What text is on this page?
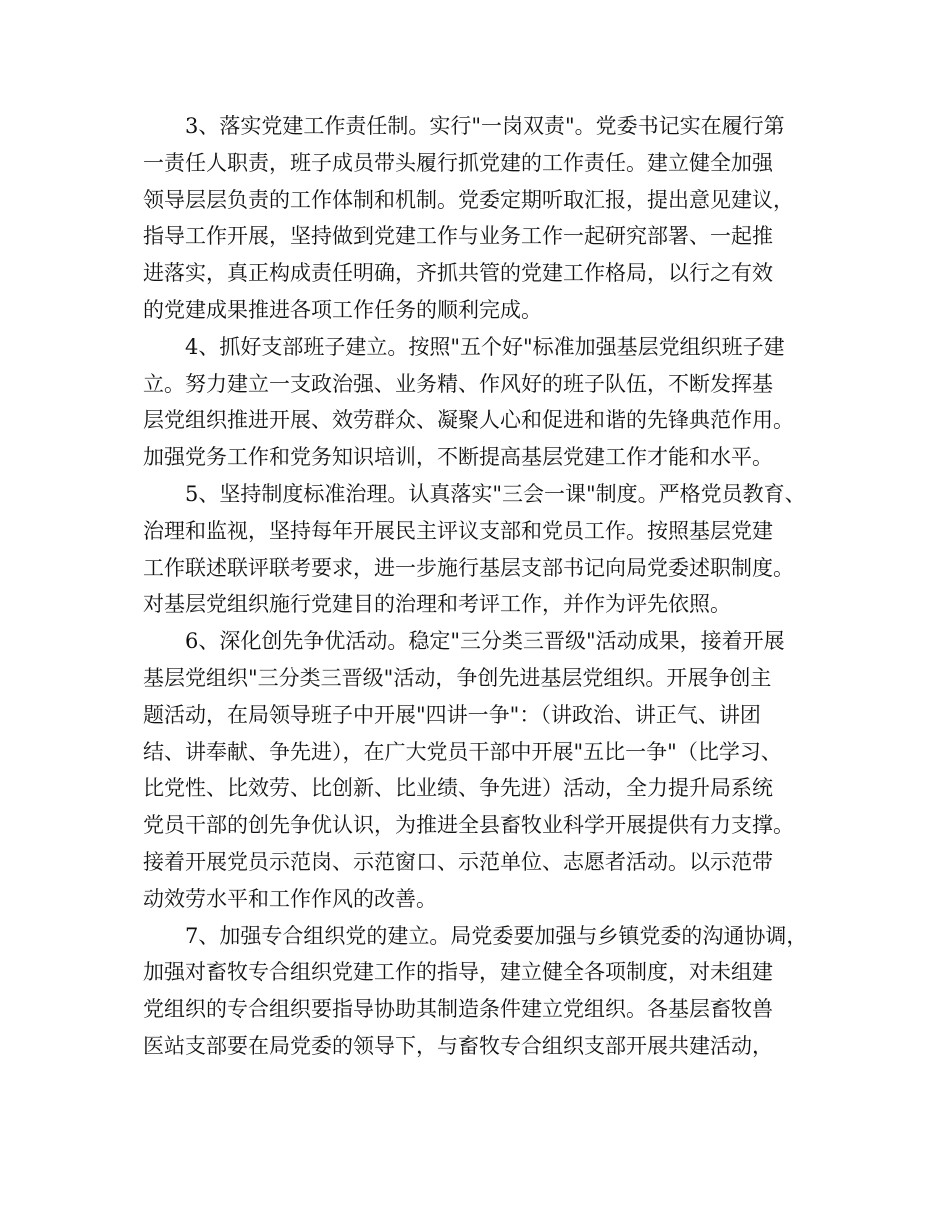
3、落实党建工作责任制。实行"一岗双责"。党委书记实在履行第
一责任人职责，班子成员带头履行抓党建的工作责任。建立健全加强
领导层层负责的工作体制和机制。党委定期听取汇报，提出意见建议，
指导工作开展，坚持做到党建工作与业务工作一起研究部署、一起推
进落实，真正构成责任明确，齐抓共管的党建工作格局，以行之有效
的党建成果推进各项工作任务的顺利完成。
4、抓好支部班子建立。按照"五个好"标准加强基层党组织班子建
立。努力建立一支政治强、业务精、作风好的班子队伍，不断发挥基
层党组织推进开展、效劳群众、凝聚人心和促进和谐的先锋典范作用。
加强党务工作和党务知识培训，不断提高基层党建工作才能和水平。
5、坚持制度标准治理。认真落实"三会一课"制度。严格党员教育、
治理和监视，坚持每年开展民主评议支部和党员工作。按照基层党建
工作联述联评联考要求，进一步施行基层支部书记向局党委述职制度。
对基层党组织施行党建目的治理和考评工作，并作为评先依照。
6、深化创先争优活动。稳定"三分类三晋级"活动成果，接着开展
基层党组织"三分类三晋级"活动，争创先进基层党组织。开展争创主
题活动，在局领导班子中开展"四讲一争"：（讲政治、讲正气、讲团
结、讲奉献、争先进），在广大党员干部中开展"五比一争"（比学习、
比党性、比效劳、比创新、比业绩、争先进）活动，全力提升局系统
党员干部的创先争优认识，为推进全县畜牧业科学开展提供有力支撑。
接着开展党员示范岗、示范窗口、示范单位、志愿者活动。以示范带
动效劳水平和工作作风的改善。
7、加强专合组织党的建立。局党委要加强与乡镇党委的沟通协调，
加强对畜牧专合组织党建工作的指导，建立健全各项制度，对未组建
党组织的专合组织要指导协助其制造条件建立党组织。各基层畜牧兽
医站支部要在局党委的领导下，与畜牧专合组织支部开展共建活动，
